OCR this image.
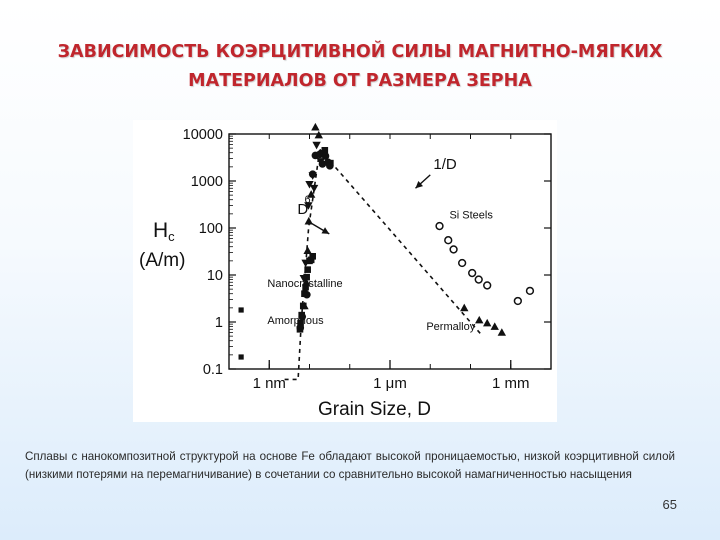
ЗАВИСИМОСТЬ КОЭРЦИТИВНОЙ СИЛЫ МАГНИТНО-МЯГКИХ
МАТЕРИАЛОВ ОТ РАЗМЕРА ЗЕРНА
0.1
1
10
100
1000
10000
1 nm	1 μm	1 mm
Nanocrystalline
Amorphous
1/D
Si Steels
Permalloy
D
6
Hc
(A/m)
Grain Size, D
Сплавы с нанокомпозитной структурой на основе Fe обладают высокой проницаемостью, низкой коэрцитивной силой (низкими потерями на перемагничивание) в сочетании со сравнительно высокой намагниченностью насыщения
65
